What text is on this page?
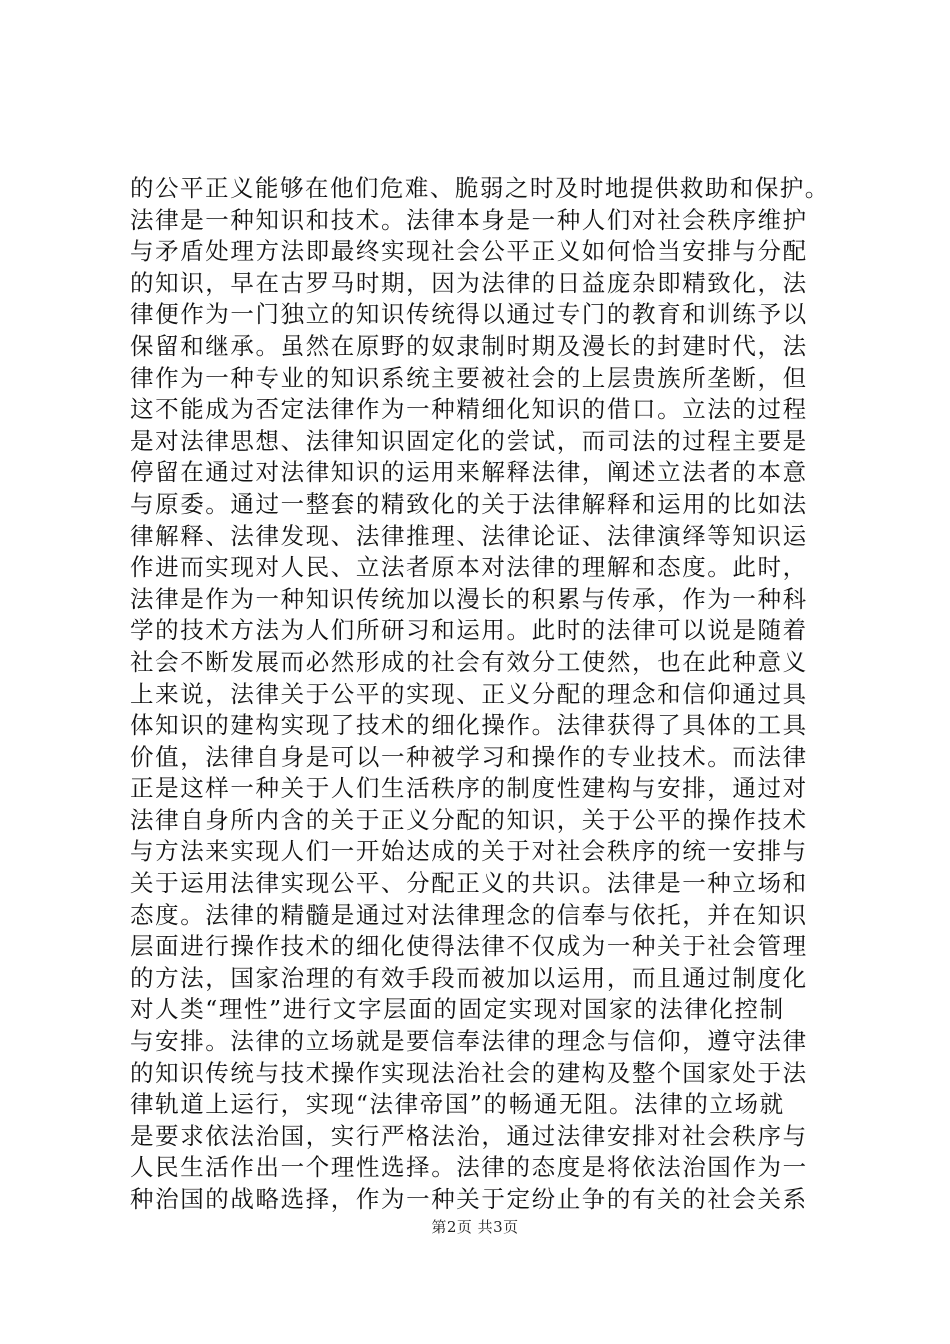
的公平正义能够在他们危难、脆弱之时及时地提供救助和保护。
法律是一种知识和技术。法律本身是一种人们对社会秩序维护
与矛盾处理方法即最终实现社会公平正义如何恰当安排与分配
的知识，早在古罗马时期，因为法律的日益庞杂即精致化，法
律便作为一门独立的知识传统得以通过专门的教育和训练予以
保留和继承。虽然在原野的奴隶制时期及漫长的封建时代，法
律作为一种专业的知识系统主要被社会的上层贵族所垄断，但
这不能成为否定法律作为一种精细化知识的借口。立法的过程
是对法律思想、法律知识固定化的尝试，而司法的过程主要是
停留在通过对法律知识的运用来解释法律，阐述立法者的本意
与原委。通过一整套的精致化的关于法律解释和运用的比如法
律解释、法律发现、法律推理、法律论证、法律演绎等知识运
作进而实现对人民、立法者原本对法律的理解和态度。此时，
法律是作为一种知识传统加以漫长的积累与传承，作为一种科
学的技术方法为人们所研习和运用。此时的法律可以说是随着
社会不断发展而必然形成的社会有效分工使然，也在此种意义
上来说，法律关于公平的实现、正义分配的理念和信仰通过具
体知识的建构实现了技术的细化操作。法律获得了具体的工具
价值，法律自身是可以一种被学习和操作的专业技术。而法律
正是这样一种关于人们生活秩序的制度性建构与安排，通过对
法律自身所内含的关于正义分配的知识，关于公平的操作技术
与方法来实现人们一开始达成的关于对社会秩序的统一安排与
关于运用法律实现公平、分配正义的共识。法律是一种立场和
态度。法律的精髓是通过对法律理念的信奉与依托，并在知识
层面进行操作技术的细化使得法律不仅成为一种关于社会管理
的方法，国家治理的有效手段而被加以运用，而且通过制度化
对人类“理性”进行文字层面的固定实现对国家的法律化控制
与安排。法律的立场就是要信奉法律的理念与信仰，遵守法律
的知识传统与技术操作实现法治社会的建构及整个国家处于法
律轨道上运行，实现“法律帝国”的畅通无阻。法律的立场就
是要求依法治国，实行严格法治，通过法律安排对社会秩序与
人民生活作出一个理性选择。法律的态度是将依法治国作为一
种治国的战略选择，作为一种关于定纷止争的有关的社会关系
第2页 共3页
